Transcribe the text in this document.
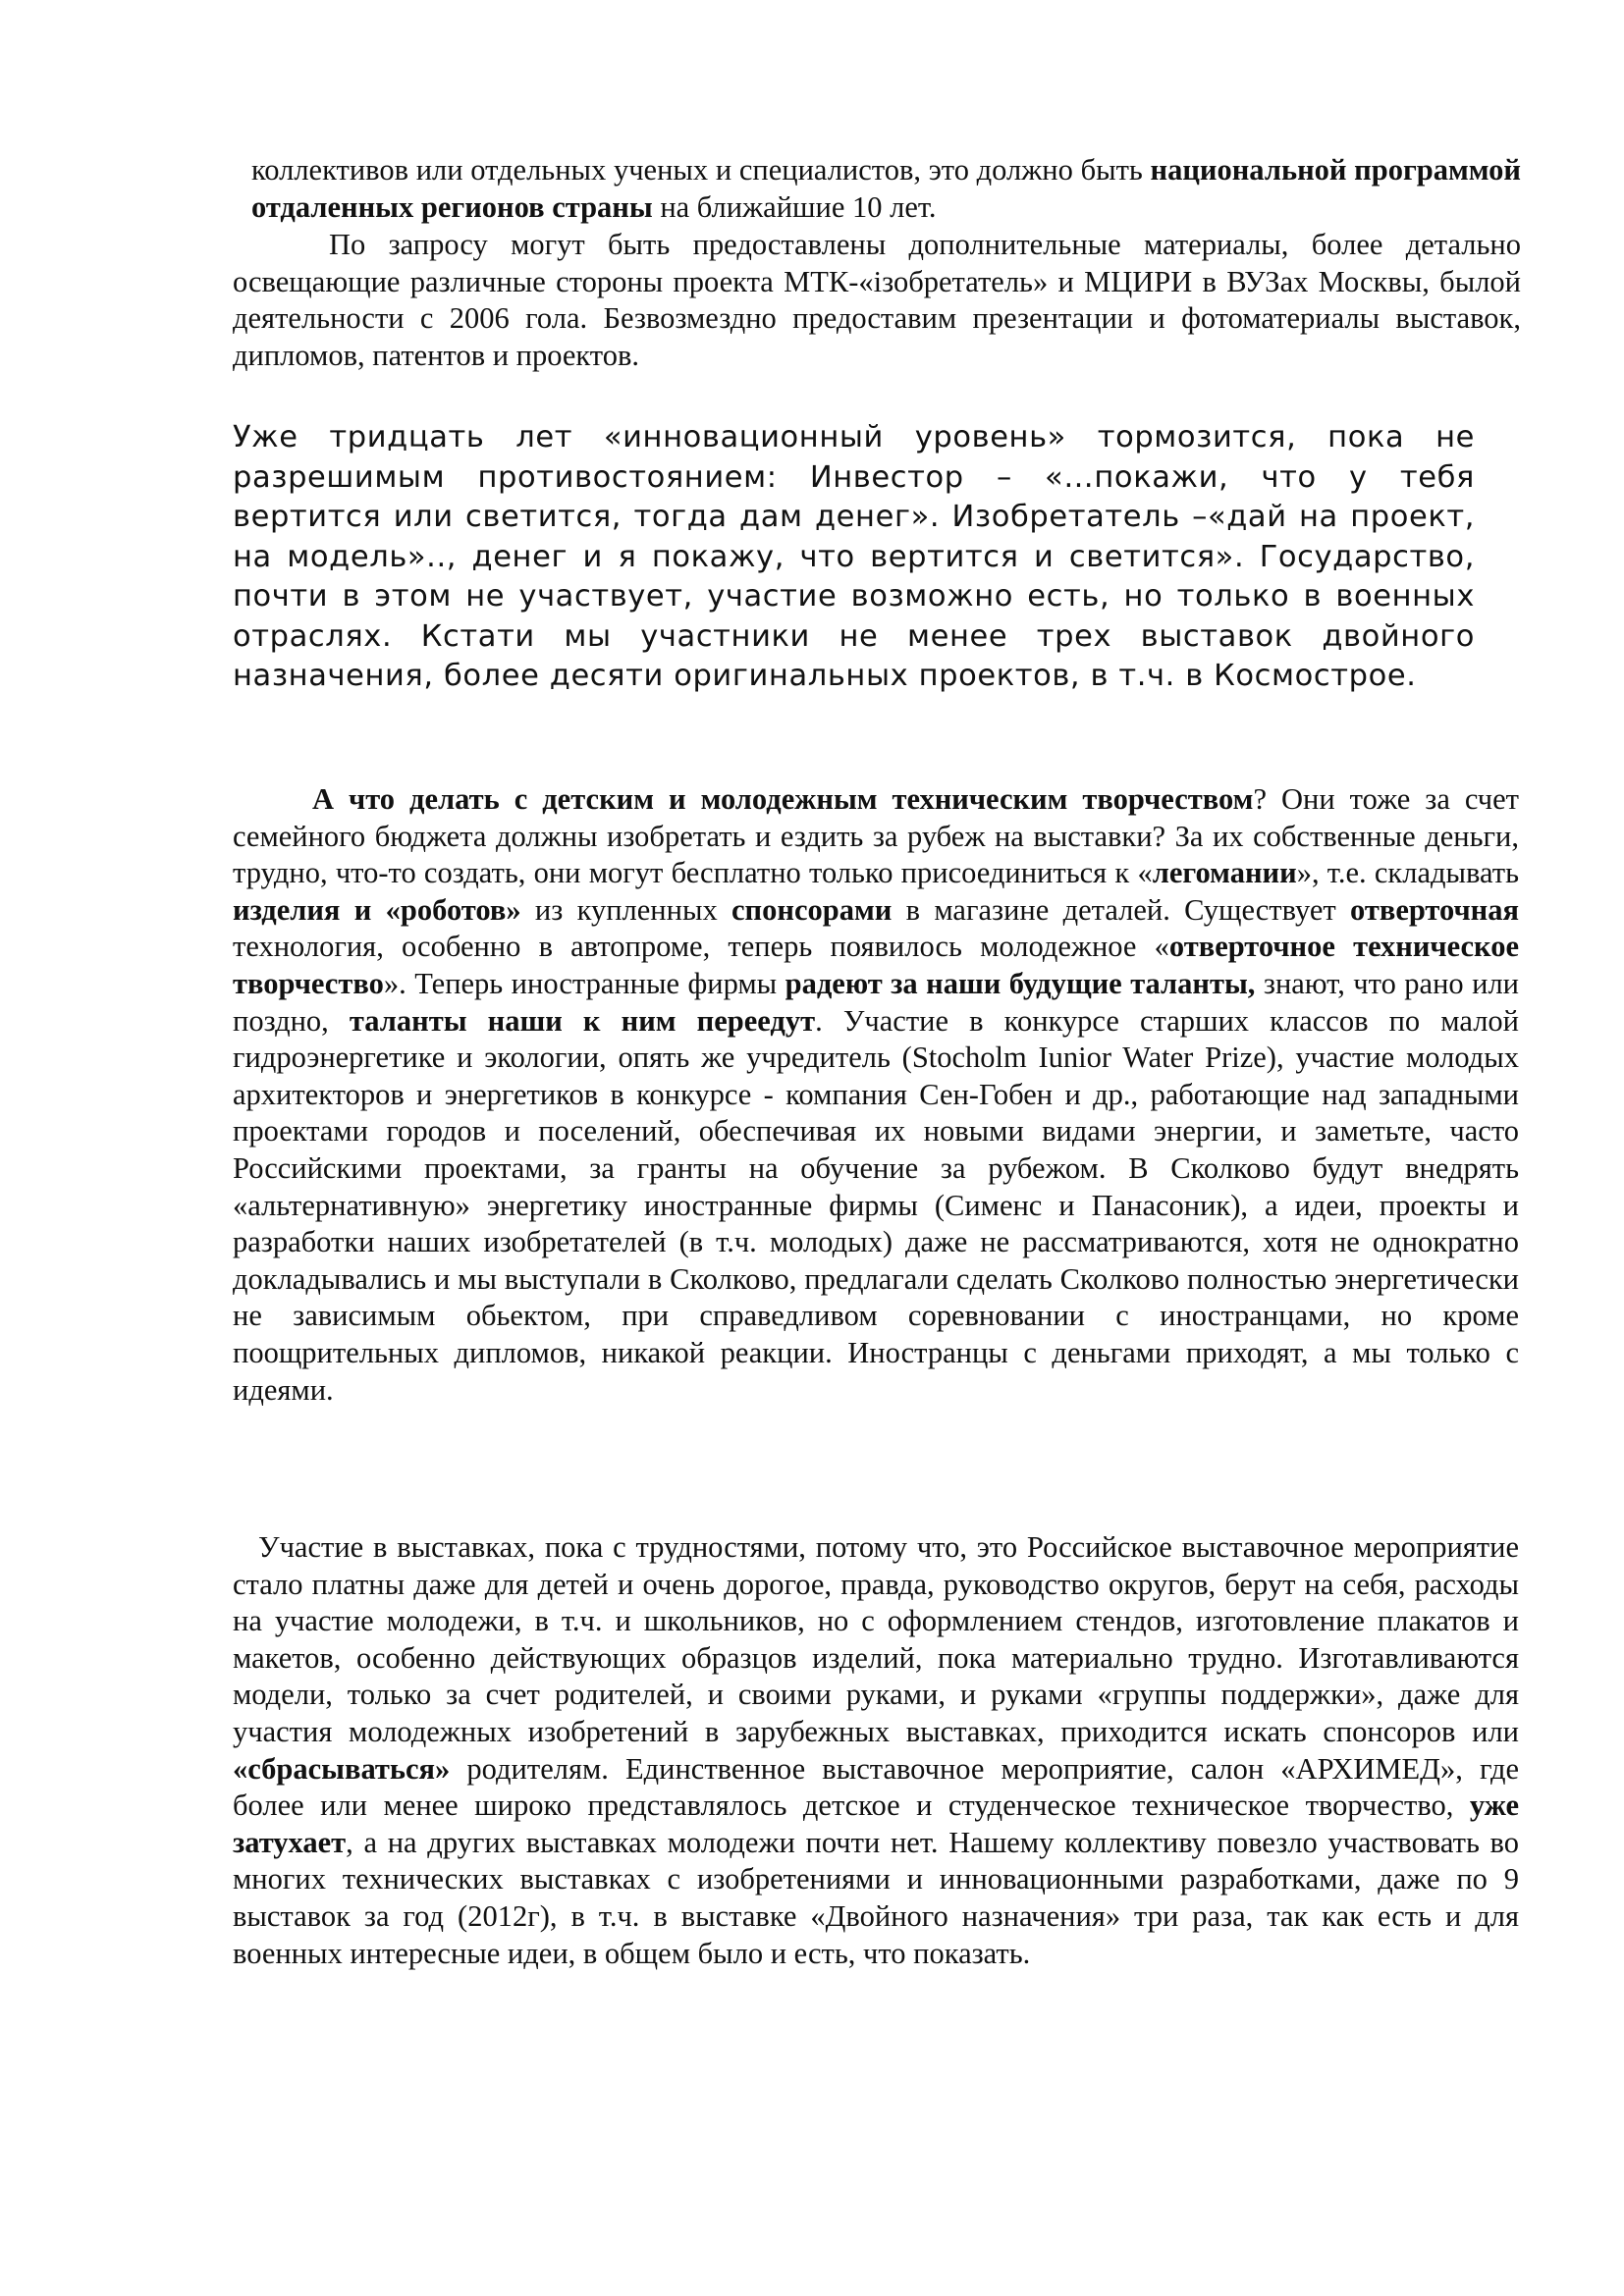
коллективов или отдельных ученых и специалистов, это должно быть национальной программой отдаленных регионов страны на ближайшие 10 лет.

По запросу могут быть предоставлены дополнительные материалы, более детально освещающие различные стороны проекта МТК-«iзобретатель» и МЦИРИ в ВУЗах Москвы, былой деятельности с 2006 гола. Безвозмездно предоставим презентации и фотоматериалы выставок, дипломов, патентов и проектов.

Уже тридцать лет «инновационный уровень» тормозится, пока не разрешимым противостоянием: Инвестор – «…покажи, что у тебя вертится или светится, тогда дам денег». Изобретатель –«дай на проект, на модель».., денег и я покажу, что вертится и светится». Государство, почти в этом не участвует, участие возможно есть, но только в военных отраслях. Кстати мы участники не менее трех выставок двойного назначения, более десяти оригинальных проектов, в т.ч. в Космострое.

А что делать с детским и молодежным техническим творчеством? Они тоже за счет семейного бюджета должны изобретать и ездить за рубеж на выставки? За их собственные деньги, трудно, что-то создать, они могут бесплатно только присоединиться к «легомании», т.е. складывать изделия и «роботов» из купленных спонсорами в магазине деталей. Существует отверточная технология, особенно в автопроме, теперь появилось молодежное «отверточное техническое творчество». Теперь иностранные фирмы радеют за наши будущие таланты, знают, что рано или поздно, таланты наши к ним переедут. Участие в конкурсе старших классов по малой гидроэнергетике и экологии, опять же учредитель (Stocholm Iunior Water Prize), участие молодых архитекторов и энергетиков в конкурсе - компания Сен-Гобен и др., работающие над западными проектами городов и поселений, обеспечивая их новыми видами энергии, и заметьте, часто Российскими проектами, за гранты на обучение за рубежом. В Сколково будут внедрять «альтернативную» энергетику иностранные фирмы (Сименс и Панасоник), а идеи, проекты и разработки наших изобретателей (в т.ч. молодых) даже не рассматриваются, хотя не однократно докладывались и мы выступали в Сколково, предлагали сделать Сколково полностью энергетически не зависимым обьектом, при справедливом соревновании с иностранцами, но кроме поощрительных дипломов, никакой реакции. Иностранцы с деньгами приходят, а мы только с идеями.

Участие в выставках, пока с трудностями, потому что, это Российское выставочное мероприятие стало платны даже для детей и очень дорогое, правда, руководство округов, берут на себя, расходы на участие молодежи, в т.ч. и школьников, но с оформлением стендов, изготовление плакатов и макетов, особенно действующих образцов изделий, пока материально трудно. Изготавливаются модели, только за счет родителей, и своими руками, и руками «группы поддержки», даже для участия молодежных изобретений в зарубежных выставках, приходится искать спонсоров или «сбрасываться» родителям. Единственное выставочное мероприятие, салон «АРХИМЕД», где более или менее широко представлялось детское и студенческое техническое творчество, уже затухает, а на других выставках молодежи почти нет. Нашему коллективу повезло участвовать во многих технических выставках с изобретениями и инновационными разработками, даже по 9 выставок за год (2012г), в т.ч. в выставке «Двойного назначения» три раза, так как есть и для военных интересные идеи, в общем было и есть, что показать.
